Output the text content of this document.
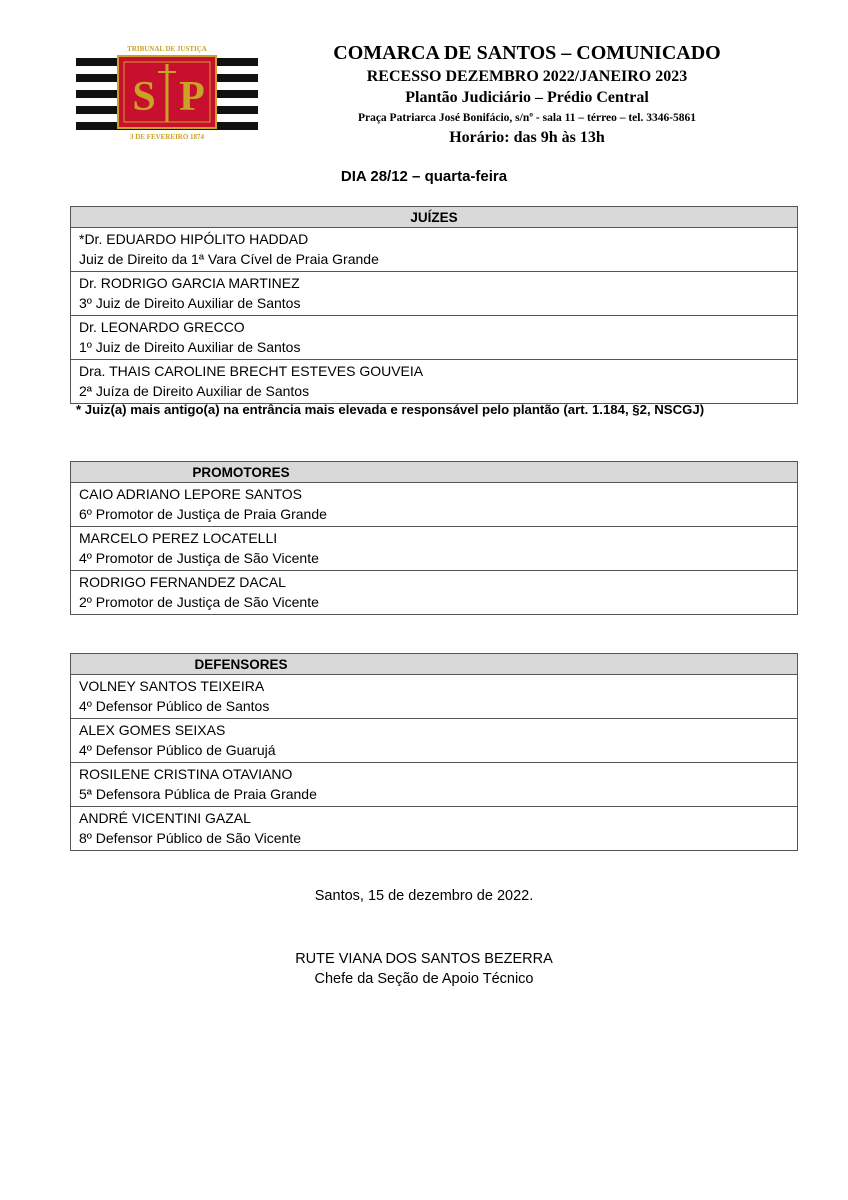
TRIBUNAL DE JUSTIÇA
S P
3 DE FEVEREIRO 1874
COMARCA DE SANTOS – COMUNICADO
RECESSO DEZEMBRO 2022/JANEIRO 2023
Plantão Judiciário – Prédio Central
Praça Patriarca José Bonifácio, s/nº - sala 11 – térreo – tel. 3346-5861
Horário: das 9h às 13h
DIA 28/12 – quarta-feira
JUÍZES

*Dr. EDUARDO HIPÓLITO HADDAD
Juiz de Direito da 1ª Vara Cível de Praia Grande

Dr. RODRIGO GARCIA MARTINEZ
3º Juiz de Direito Auxiliar de Santos

Dr. LEONARDO GRECCO
1º Juiz de Direito Auxiliar de Santos

Dra. THAIS CAROLINE BRECHT ESTEVES GOUVEIA
2ª Juíza de Direito Auxiliar de Santos
* Juiz(a) mais antigo(a) na entrância mais elevada e responsável pelo plantão (art. 1.184, §2, NSCGJ)
PROMOTORES

CAIO ADRIANO LEPORE SANTOS
6º Promotor de Justiça de Praia Grande

MARCELO PEREZ LOCATELLI
4º Promotor de Justiça de São Vicente

RODRIGO FERNANDEZ DACAL
2º Promotor de Justiça de São Vicente
DEFENSORES

VOLNEY SANTOS TEIXEIRA
4º Defensor Público de Santos

ALEX GOMES SEIXAS
4º Defensor Público de Guarujá

ROSILENE CRISTINA OTAVIANO
5ª Defensora Pública de Praia Grande

ANDRÉ VICENTINI GAZAL
8º Defensor Público de São Vicente
Santos, 15 de dezembro de 2022.
RUTE VIANA DOS SANTOS BEZERRA
Chefe da Seção de Apoio Técnico
